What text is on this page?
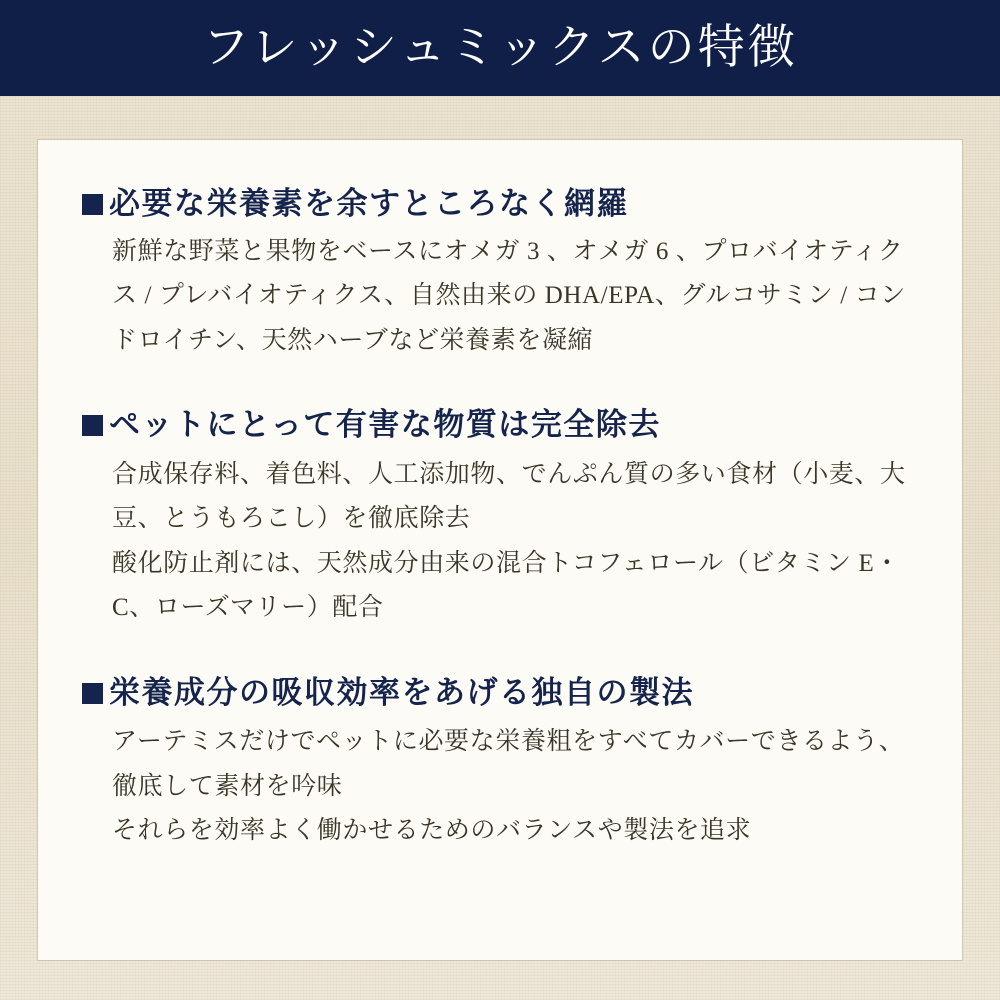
フレッシュミックスの特徴
必要な栄養素を余すところなく網羅

新鮮な野菜と果物をベースにオメガ 3 、オメガ 6 、プロバイオティクス / プレバイオティクス、自然由来の DHA/EPA、グルコサミン / コンドロイチン、天然ハーブなど栄養素を凝縮

ペットにとって有害な物質は完全除去

合成保存料、着色料、人工添加物、でんぷん質の多い食材（小麦、大豆、とうもろこし）を徹底除去

酸化防止剤には、天然成分由来の混合トコフェロール（ビタミン E・C、ローズマリー）配合

栄養成分の吸収効率をあげる独自の製法

アーテミスだけでペットに必要な栄養粗をすべてカバーできるよう、徹底して素材を吟味

それらを効率よく働かせるためのバランスや製法を追求
